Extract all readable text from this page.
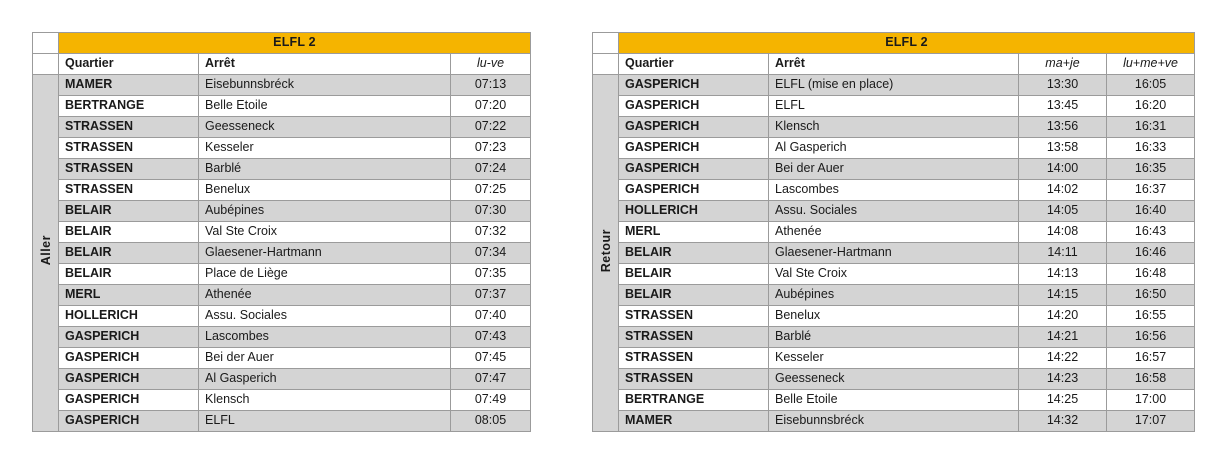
	ELFL 2		
	Quartier	Arrêt	lu-ve
Aller	MAMER	Eisebunnsbréck	07:13
	BERTRANGE	Belle Etoile	07:20
	STRASSEN	Geesseneck	07:22
	STRASSEN	Kesseler	07:23
	STRASSEN	Barblé	07:24
	STRASSEN	Benelux	07:25
	BELAIR	Aubépines	07:30
	BELAIR	Val Ste Croix	07:32
	BELAIR	Glaesener-Hartmann	07:34
	BELAIR	Place de Liège	07:35
	MERL	Athenée	07:37
	HOLLERICH	Assu. Sociales	07:40
	GASPERICH	Lascombes	07:43
	GASPERICH	Bei der Auer	07:45
	GASPERICH	Al Gasperich	07:47
	GASPERICH	Klensch	07:49
	GASPERICH	ELFL	08:05
	ELFL 2			
	Quartier	Arrêt	ma+je	lu+me+ve
Retour	GASPERICH	ELFL (mise en place)	13:30	16:05
	GASPERICH	ELFL	13:45	16:20
	GASPERICH	Klensch	13:56	16:31
	GASPERICH	Al Gasperich	13:58	16:33
	GASPERICH	Bei der Auer	14:00	16:35
	GASPERICH	Lascombes	14:02	16:37
	HOLLERICH	Assu. Sociales	14:05	16:40
	MERL	Athenée	14:08	16:43
	BELAIR	Glaesener-Hartmann	14:11	16:46
	BELAIR	Val Ste Croix	14:13	16:48
	BELAIR	Aubépines	14:15	16:50
	STRASSEN	Benelux	14:20	16:55
	STRASSEN	Barblé	14:21	16:56
	STRASSEN	Kesseler	14:22	16:57
	STRASSEN	Geesseneck	14:23	16:58
	BERTRANGE	Belle Etoile	14:25	17:00
	MAMER	Eisebunnsbréck	14:32	17:07
